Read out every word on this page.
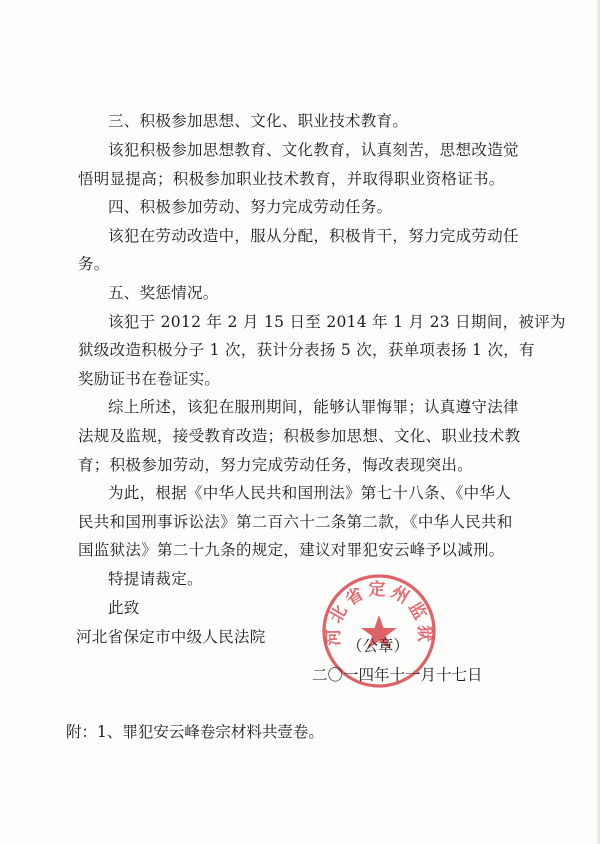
三、积极参加思想、文化、职业技术教育。
该犯积极参加思想教育、文化教育，认真刻苦，思想改造觉
悟明显提高；积极参加职业技术教育，并取得职业资格证书。
四、积极参加劳动、努力完成劳动任务。
该犯在劳动改造中，服从分配，积极肯干，努力完成劳动任
务。
五、奖惩情况。
该犯于 2012 年 2 月 15 日至 2014 年 1 月 23 日期间，被评为
狱级改造积极分子 1 次，获计分表扬 5 次，获单项表扬 1 次，有
奖励证书在卷证实。
综上所述，该犯在服刑期间，能够认罪悔罪；认真遵守法律
法规及监规，接受教育改造；积极参加思想、文化、职业技术教
育；积极参加劳动，努力完成劳动任务，悔改表现突出。
为此，根据《中华人民共和国刑法》第七十八条、《中华人
民共和国刑事诉讼法》第二百六十二条第二款，《中华人民共和
国监狱法》第二十九条的规定，建议对罪犯安云峰予以减刑。
特提请裁定。
此致
河北省保定市中级人民法院	河北省定州监狱
（公章）
二〇一四年十一月十七日
附：1、罪犯安云峰卷宗材料共壹卷。
